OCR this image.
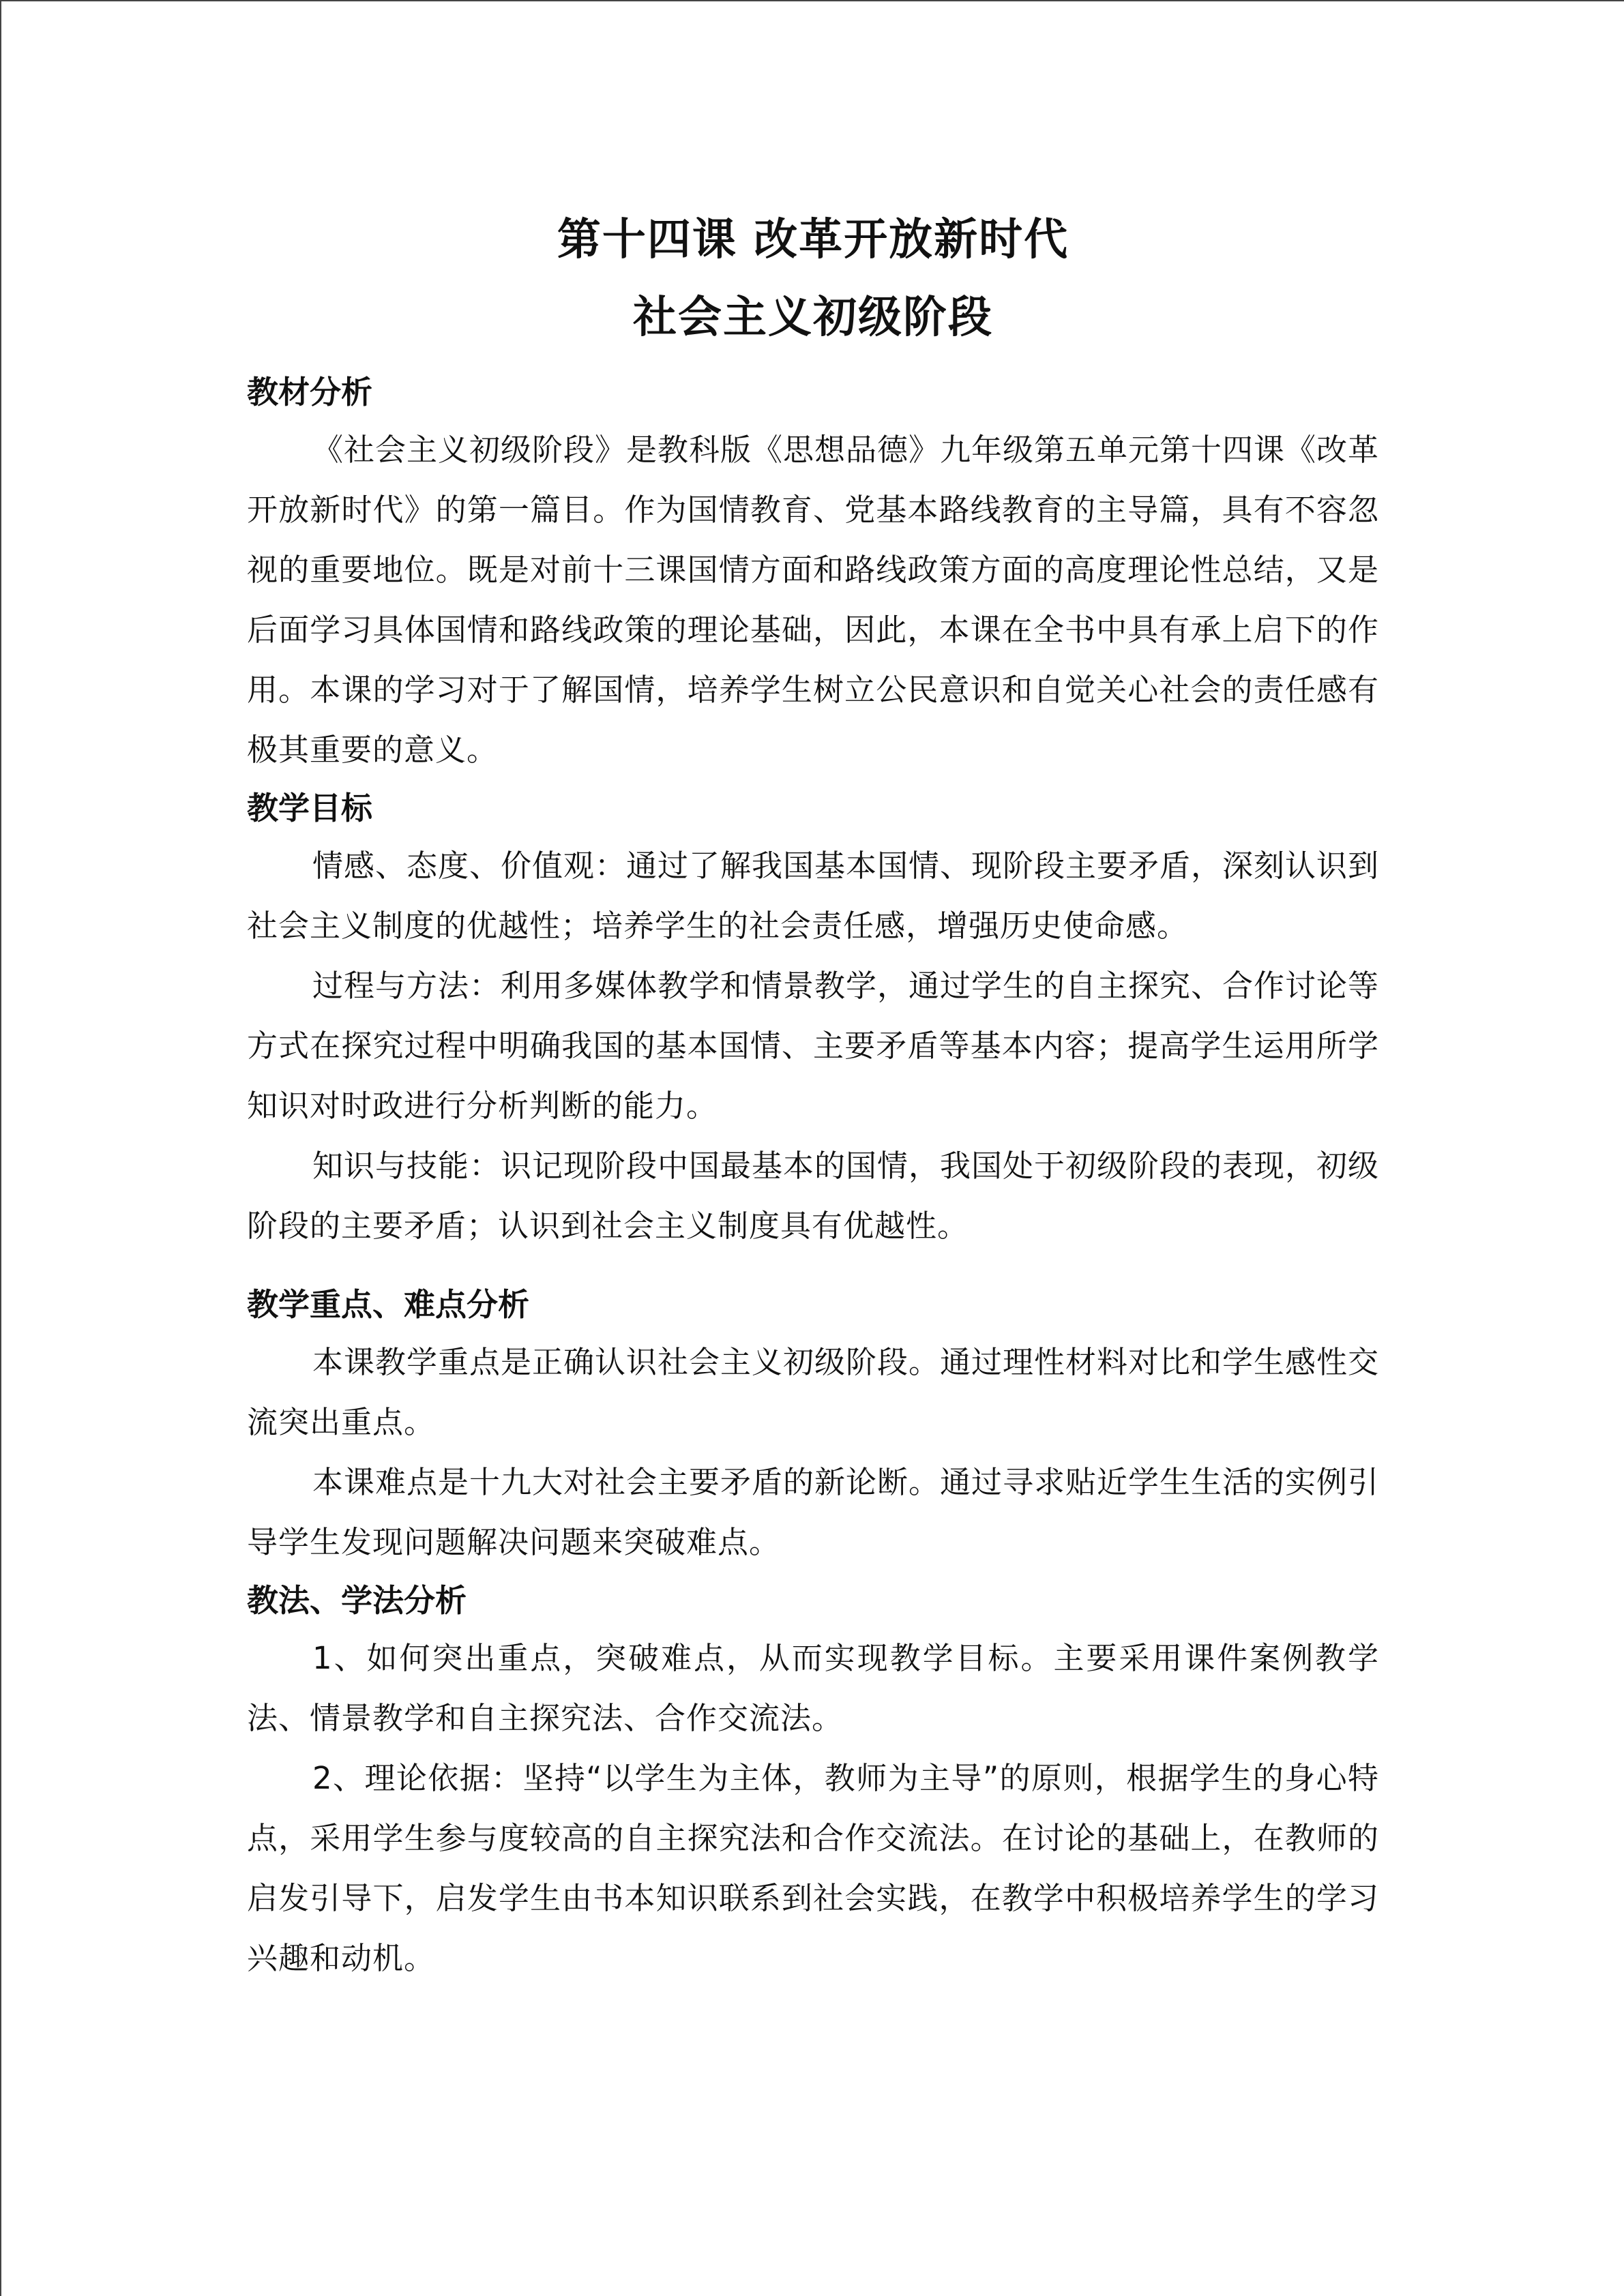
第十四课 改革开放新时代
社会主义初级阶段

教材分析

《社会主义初级阶段》是教科版《思想品德》九年级第五单元第十四课《改革开放新时代》的第一篇目。作为国情教育、党基本路线教育的主导篇，具有不容忽视的重要地位。既是对前十三课国情方面和路线政策方面的高度理论性总结，又是后面学习具体国情和路线政策的理论基础，因此，本课在全书中具有承上启下的作用。本课的学习对于了解国情，培养学生树立公民意识和自觉关心社会的责任感有极其重要的意义。

教学目标

情感、态度、价值观：通过了解我国基本国情、现阶段主要矛盾，深刻认识到社会主义制度的优越性；培养学生的社会责任感，增强历史使命感。

过程与方法：利用多媒体教学和情景教学，通过学生的自主探究、合作讨论等方式在探究过程中明确我国的基本国情、主要矛盾等基本内容；提高学生运用所学知识对时政进行分析判断的能力。

知识与技能：识记现阶段中国最基本的国情，我国处于初级阶段的表现，初级阶段的主要矛盾；认识到社会主义制度具有优越性。

教学重点、难点分析

本课教学重点是正确认识社会主义初级阶段。通过理性材料对比和学生感性交流突出重点。

本课难点是十九大对社会主要矛盾的新论断。通过寻求贴近学生生活的实例引导学生发现问题解决问题来突破难点。

教法、学法分析

1、如何突出重点，突破难点，从而实现教学目标。主要采用课件案例教学法、情景教学和自主探究法、合作交流法。

2、理论依据：坚持“以学生为主体，教师为主导”的原则，根据学生的身心特点，采用学生参与度较高的自主探究法和合作交流法。在讨论的基础上，在教师的启发引导下，启发学生由书本知识联系到社会实践，在教学中积极培养学生的学习兴趣和动机。
